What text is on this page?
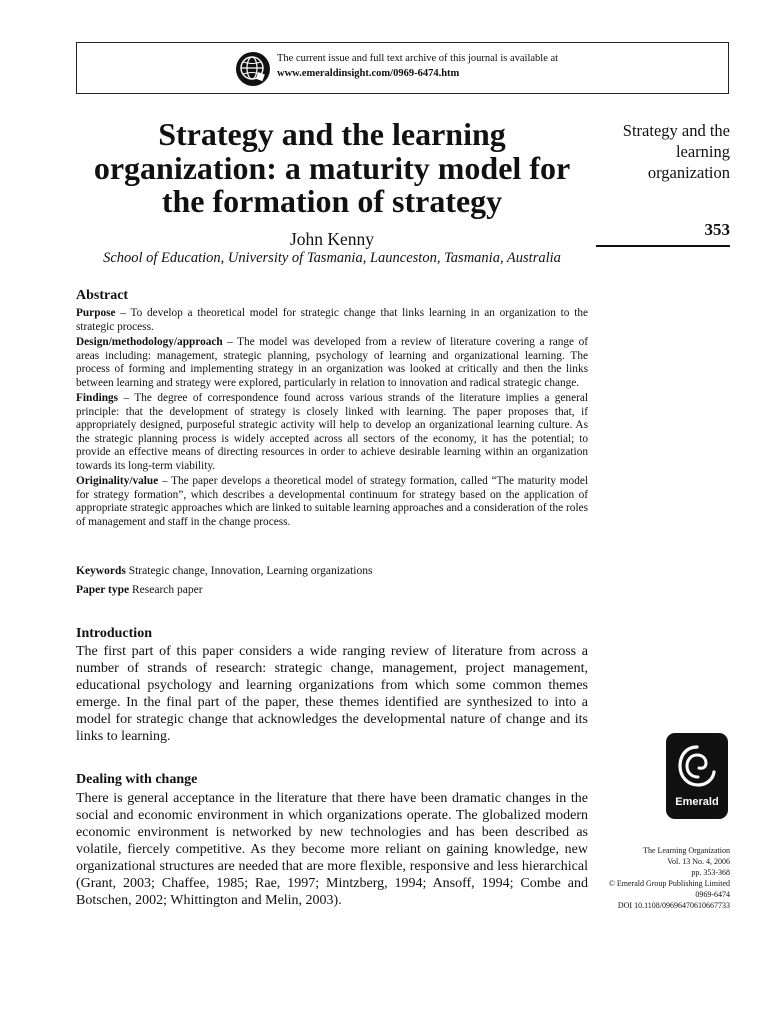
The current issue and full text archive of this journal is available at
www.emeraldinsight.com/0969-6474.htm
Strategy and the learning organization: a maturity model for the formation of strategy
John Kenny
School of Education, University of Tasmania, Launceston, Tasmania, Australia
Strategy and the
learning
organization
353
Abstract

Purpose – To develop a theoretical model for strategic change that links learning in an organization to the strategic process.

Design/methodology/approach – The model was developed from a review of literature covering a range of areas including: management, strategic planning, psychology of learning and organizational learning. The process of forming and implementing strategy in an organization was looked at critically and then the links between learning and strategy were explored, particularly in relation to innovation and radical strategic change.

Findings – The degree of correspondence found across various strands of the literature implies a general principle: that the development of strategy is closely linked with learning. The paper proposes that, if appropriately designed, purposeful strategic activity will help to develop an organizational learning culture. As the strategic planning process is widely accepted across all sectors of the economy, it has the potential; to provide an effective means of directing resources in order to achieve desirable learning within an organization towards its long-term viability.

Originality/value – The paper develops a theoretical model of strategy formation, called “The maturity model for strategy formation”, which describes a developmental continuum for strategy based on the application of appropriate strategic approaches which are linked to suitable learning approaches and a consideration of the roles of management and staff in the change process.

Keywords Strategic change, Innovation, Learning organizations
Paper type Research paper
Introduction

The first part of this paper considers a wide ranging review of literature from across a number of strands of research: strategic change, management, project management, educational psychology and learning organizations from which some common themes emerge. In the final part of the paper, these themes identified are synthesized to into a model for strategic change that acknowledges the developmental nature of change and its links to learning.

Dealing with change

There is general acceptance in the literature that there have been dramatic changes in the social and economic environment in which organizations operate. The globalized modern economic environment is networked by new technologies and has been described as volatile, fiercely competitive. As they become more reliant on gaining knowledge, new organizational structures are needed that are more flexible, responsive and less hierarchical (Grant, 2003; Chaffee, 1985; Rae, 1997; Mintzberg, 1994; Ansoff, 1994; Combe and Botschen, 2002; Whittington and Melin, 2003).

Emerald
The Learning Organization
Vol. 13 No. 4, 2006
pp. 353-368
© Emerald Group Publishing Limited
0969-6474
DOI 10.1108/09696470610667733
